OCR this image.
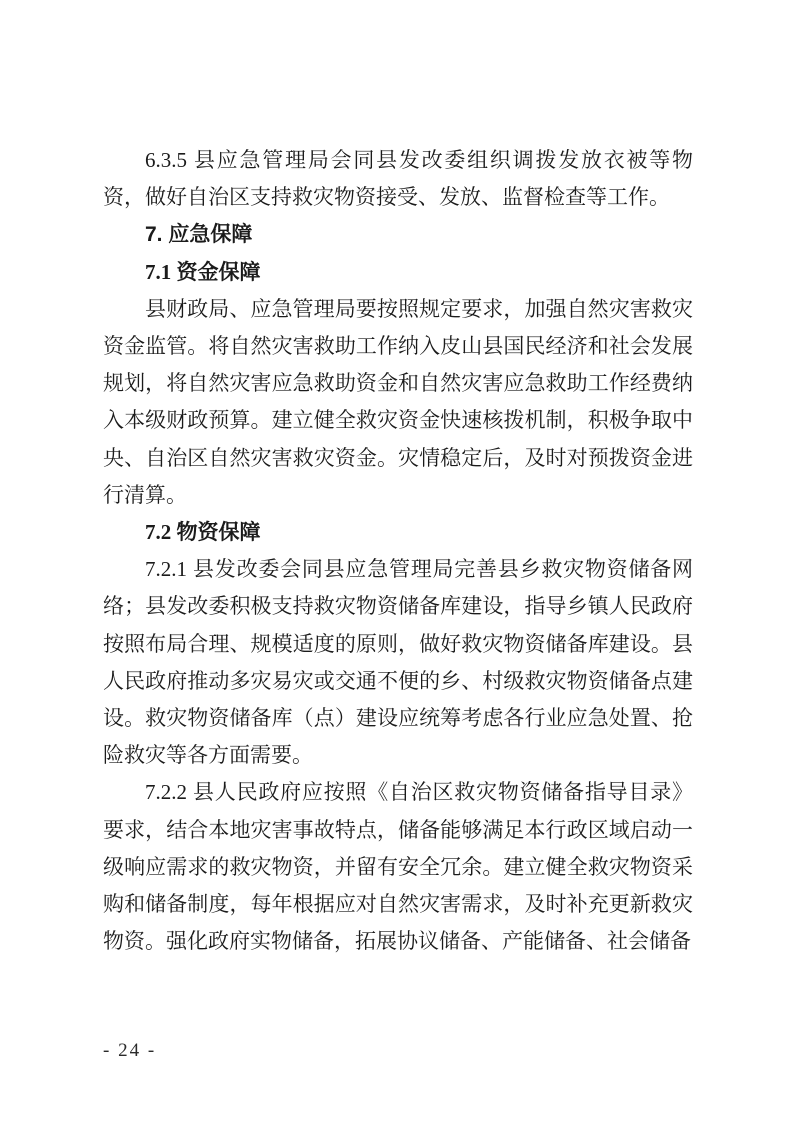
6.3.5 县应急管理局会同县发改委组织调拨发放衣被等物资，做好自治区支持救灾物资接受、发放、监督检查等工作。

7. 应急保障

7.1 资金保障

县财政局、应急管理局要按照规定要求，加强自然灾害救灾资金监管。将自然灾害救助工作纳入皮山县国民经济和社会发展规划，将自然灾害应急救助资金和自然灾害应急救助工作经费纳入本级财政预算。建立健全救灾资金快速核拨机制，积极争取中央、自治区自然灾害救灾资金。灾情稳定后，及时对预拨资金进行清算。

7.2 物资保障

7.2.1 县发改委会同县应急管理局完善县乡救灾物资储备网络；县发改委积极支持救灾物资储备库建设，指导乡镇人民政府按照布局合理、规模适度的原则，做好救灾物资储备库建设。县人民政府推动多灾易灾或交通不便的乡、村级救灾物资储备点建设。救灾物资储备库（点）建设应统筹考虑各行业应急处置、抢险救灾等各方面需要。

7.2.2 县人民政府应按照《自治区救灾物资储备指导目录》要求，结合本地灾害事故特点，储备能够满足本行政区域启动一级响应需求的救灾物资，并留有安全冗余。建立健全救灾物资采购和储备制度，每年根据应对自然灾害需求，及时补充更新救灾物资。强化政府实物储备，拓展协议储备、产能储备、社会储备

- 24 -
